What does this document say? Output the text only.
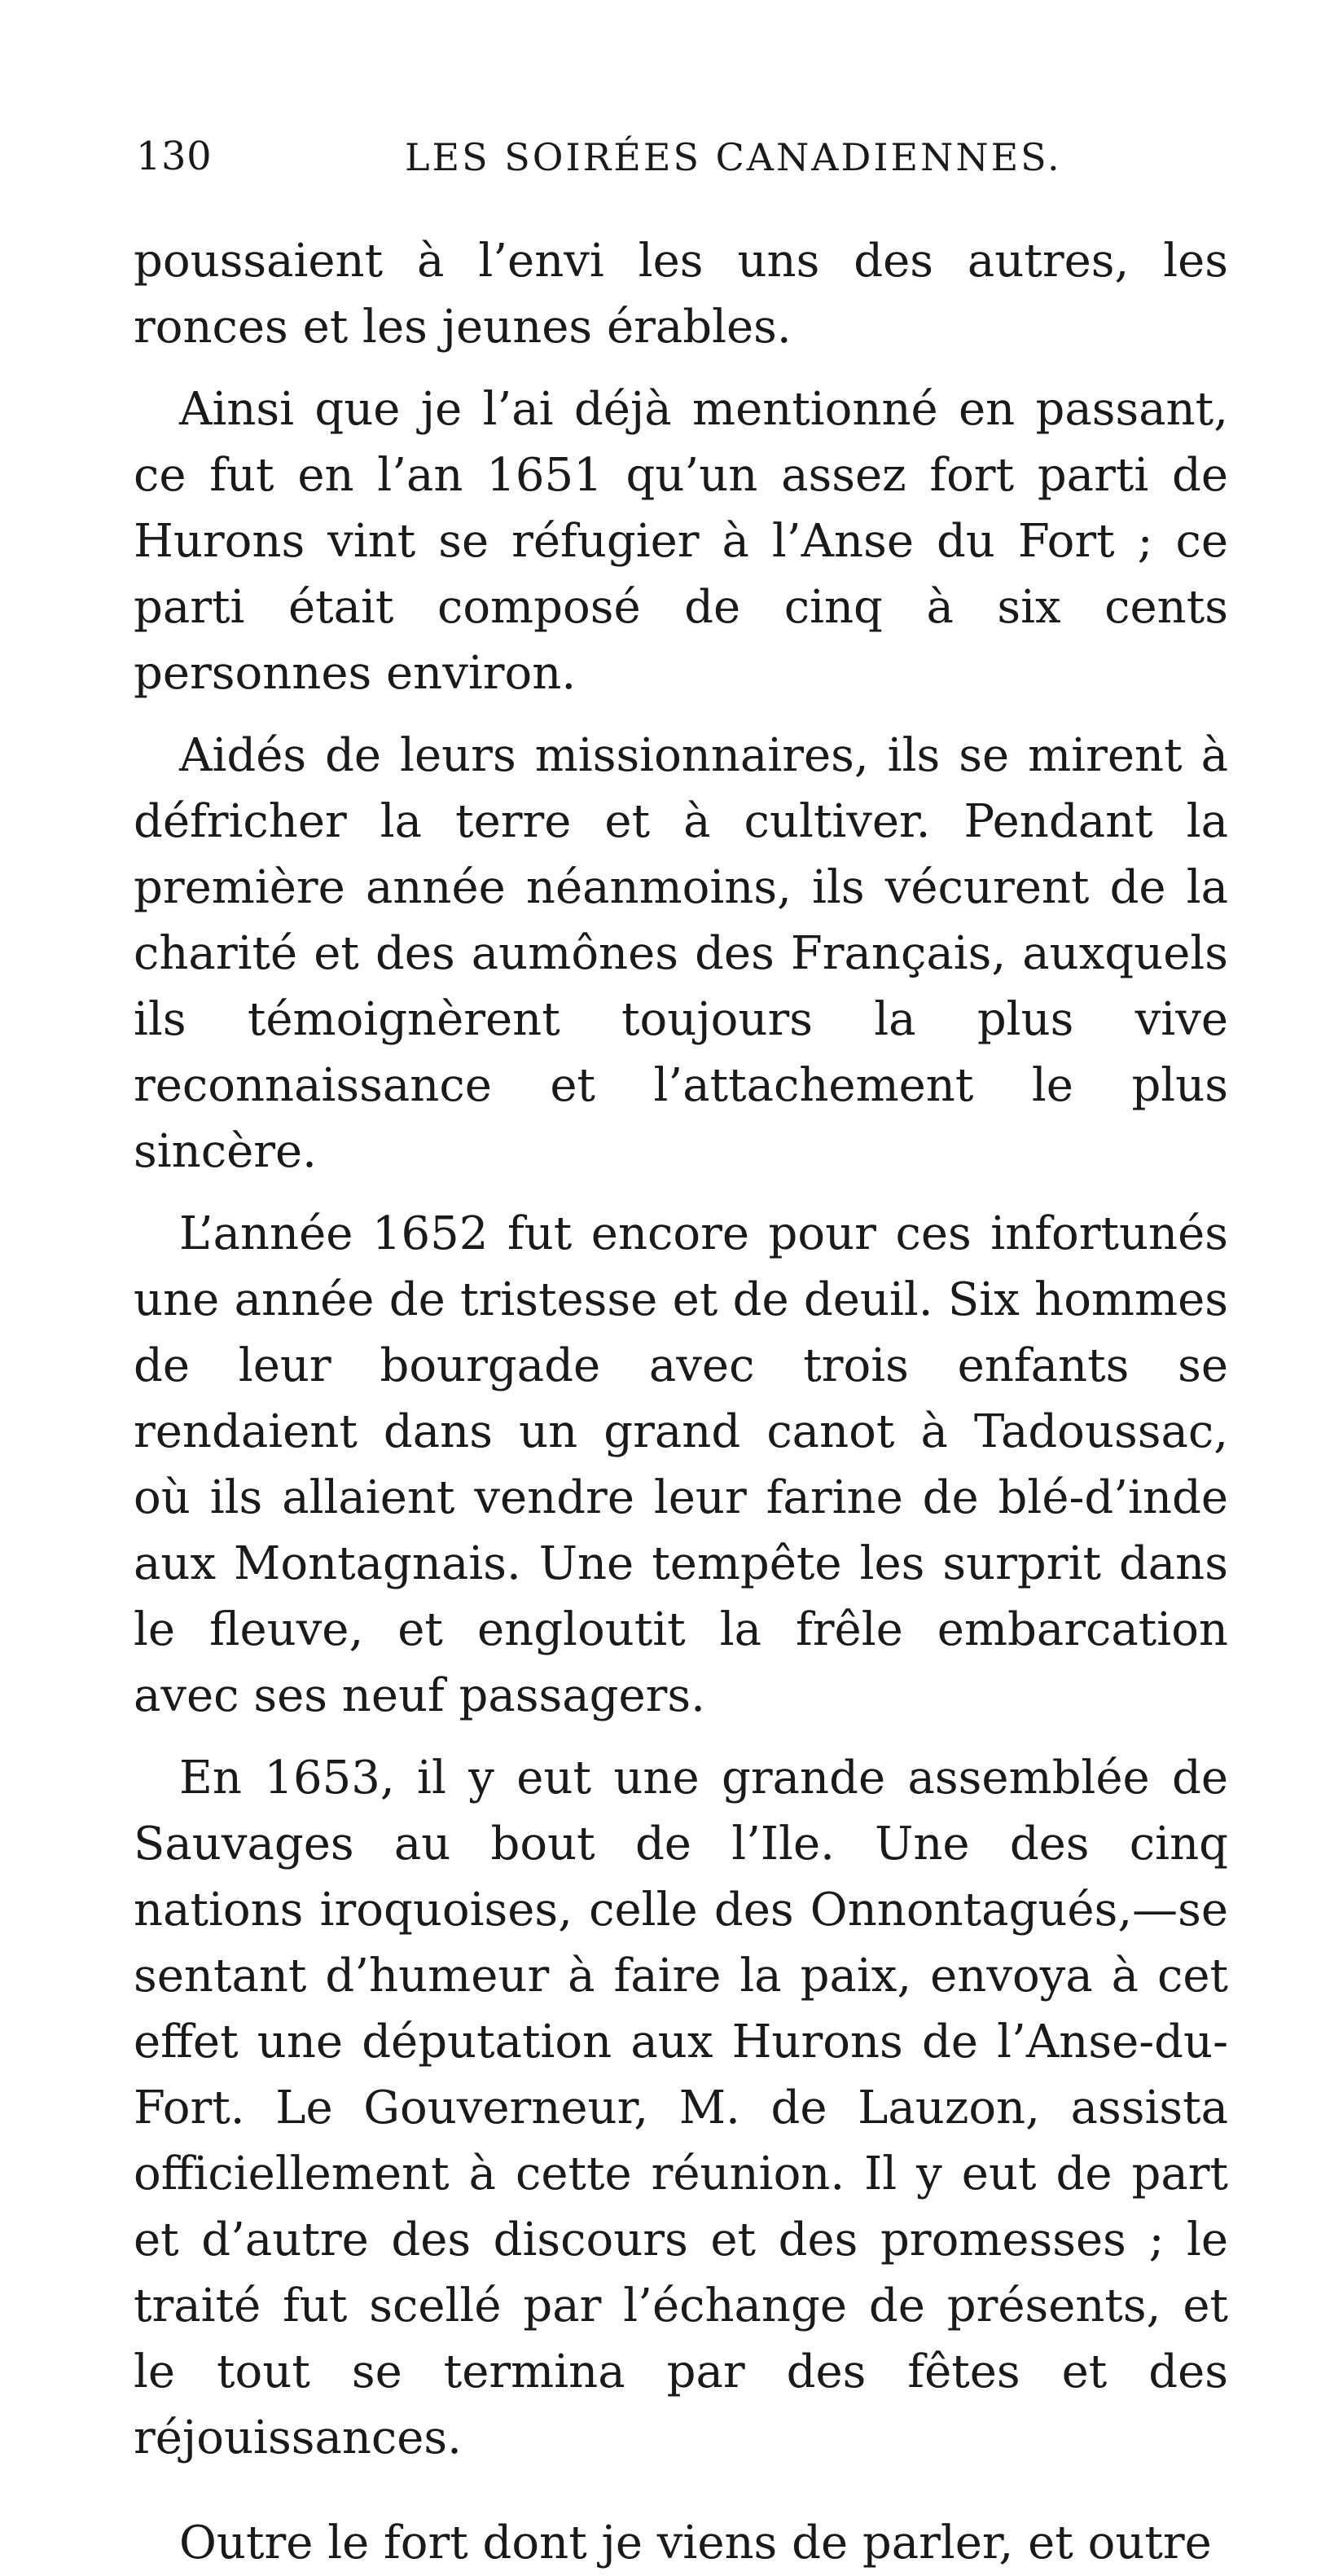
130	LES SOIRÉES CANADIENNES.

poussaient à l’envi les uns des autres, les ronces et les jeunes érables.

Ainsi que je l’ai déjà mentionné en passant, ce fut en l’an 1651 qu’un assez fort parti de Hurons vint se réfugier à l’Anse du Fort ; ce parti était composé de cinq à six cents personnes environ.

Aidés de leurs missionnaires, ils se mirent à défricher la terre et à cultiver. Pendant la première année néanmoins, ils vécurent de la charité et des aumônes des Français, auxquels ils témoignèrent toujours la plus vive reconnaissance et l’attachement le plus sincère.

L’année 1652 fut encore pour ces infortunés une année de tristesse et de deuil. Six hommes de leur bourgade avec trois enfants se rendaient dans un grand canot à Tadoussac, où ils allaient vendre leur farine de blé-d’inde aux Montagnais. Une tempête les surprit dans le fleuve, et engloutit la frêle embarcation avec ses neuf passagers.

En 1653, il y eut une grande assemblée de Sauvages au bout de l’Ile. Une des cinq nations iroquoises, celle des Onnontagués,—se sentant d’humeur à faire la paix, envoya à cet effet une députation aux Hurons de l’Anse-du-Fort. Le Gouverneur, M. de Lauzon, assista officiellement à cette réunion. Il y eut de part et d’autre des discours et des promesses ; le traité fut scellé par l’échange de présents, et le tout se termina par des fêtes et des réjouissances.

Outre le fort dont je viens de parler, et outre
